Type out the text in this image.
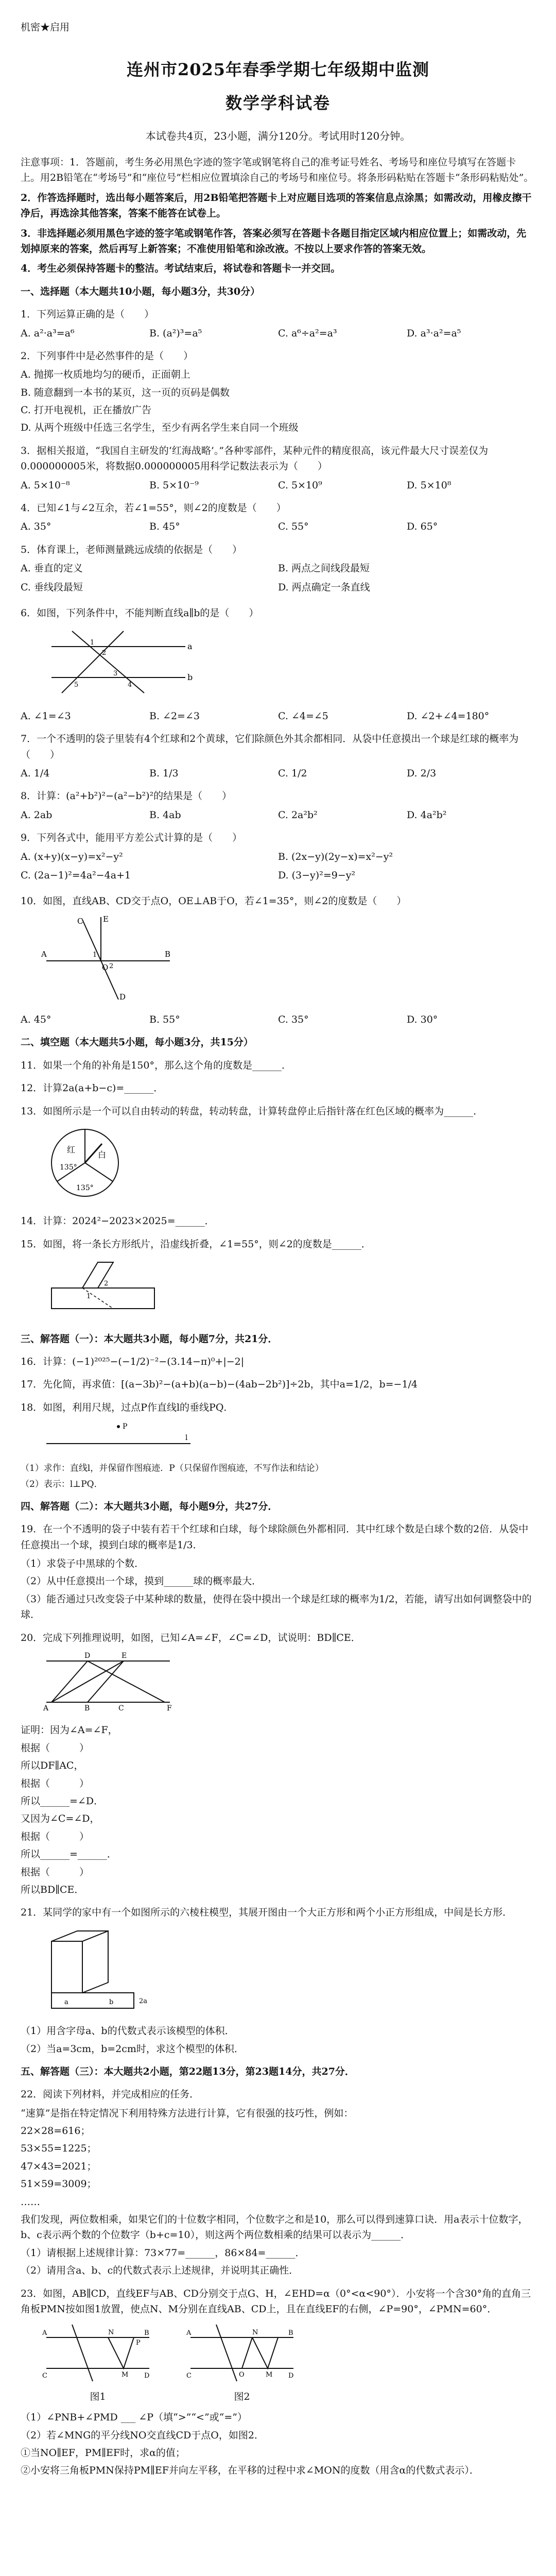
机密★启用
连州市2025年春季学期七年级期中监测
数学学科试卷
本试卷共4页，23小题，满分120分。考试用时120分钟。

注意事项：1．答题前，考生务必用黑色字迹的签字笔或钢笔将自己的准考证号姓名、考场号和座位号填写在答题卡上。用2B铅笔在“考场号”和“座位号”栏相应位置填涂自己的考场号和座位号。将条形码粘贴在答题卡“条形码粘贴处”。

2．作答选择题时，选出每小题答案后，用2B铅笔把答题卡上对应题目选项的答案信息点涂黑；如需改动，用橡皮擦干净后，再选涂其他答案，答案不能答在试卷上。

3．非选择题必须用黑色字迹的签字笔或钢笔作答，答案必须写在答题卡各题目指定区域内相应位置上；如需改动，先划掉原来的答案，然后再写上新答案；不准使用铅笔和涂改液。不按以上要求作答的答案无效。

4．考生必须保持答题卡的整洁。考试结束后，将试卷和答题卡一并交回。

一、选择题（本大题共10小题，每小题3分，共30分）
1．下列运算正确的是（　　）
A. a²·a³=a⁶	B. (a²)³=a⁵	C. a⁶÷a²=a³	D. a³·a²=a⁵
2．下列事件中是必然事件的是（　　）
A. 抛掷一枚质地均匀的硬币，正面朝上
B. 随意翻到一本书的某页，这一页的页码是偶数
C. 打开电视机，正在播放广告
D. 从两个班级中任选三名学生，至少有两名学生来自同一个班级
3．据相关报道，“我国自主研发的‘红海战略’。”各种零部件，某种元件的精度很高，该元件最大尺寸误差仅为0.000000005米，将数据0.000000005用科学记数法表示为（　　）
A. 5×10⁻⁸	B. 5×10⁻⁹	C. 5×10⁹	D. 5×10⁸
4．已知∠1与∠2互余，若∠1=55°，则∠2的度数是（　　）
A. 35°	B. 45°	C. 55°	D. 65°
5．体育课上，老师测量跳远成绩的依据是（　　）
A. 垂直的定义	B. 两点之间线段最短
C. 垂线段最短	D. 两点确定一条直线
6．如图，下列条件中，不能判断直线a∥b的是（　　）
a
b
1
2
3
4
5
A. ∠1=∠3	B. ∠2=∠3	C. ∠4=∠5	D. ∠2+∠4=180°
7．一个不透明的袋子里装有4个红球和2个黄球，它们除颜色外其余都相同．从袋中任意摸出一个球是红球的概率为（　　）
A. 1/4	B. 1/3	C. 1/2	D. 2/3
8．计算：(a²+b²)²−(a²−b²)²的结果是（　　）
A. 2ab	B. 4ab	C. 2a²b²	D. 4a²b²
9．下列各式中，能用平方差公式计算的是（　　）
A. (x+y)(x−y)=x²−y²	B. (2x−y)(2y−x)=x²−y²
C. (2a−1)²=4a²−4a+1	D. (3−y)²=9−y²
10．如图，直线AB、CD交于点O，OE⊥AB于O，若∠1=35°，则∠2的度数是（　　）
A	B
C
D
E
O
1
2
A. 45°	B. 55°	C. 35°	D. 30°
二、填空题（本大题共5小题，每小题3分，共15分）
11．如果一个角的补角是150°，那么这个角的度数是______．
12．计算2a(a+b−c)=______．
13．如图所示是一个可以自由转动的转盘，转动转盘，计算转盘停止后指针落在红色区域的概率为______．
红
白
135°
135°
14．计算：2024²−2023×2025=______．
15．如图，将一条长方形纸片，沿虚线折叠，∠1=55°，则∠2的度数是______．
1
2
三、解答题（一）：本大题共3小题，每小题7分，共21分．
16．计算：(−1)²⁰²⁵−(−1/2)⁻²−(3.14−π)⁰+|−2|
17．先化简，再求值：[(a−3b)²−(a+b)(a−b)−(4ab−2b²)]÷2b，其中a=1/2，b=−1/4
18．如图，利用尺规，过点P作直线l的垂线PQ．
P
l
（1）求作：直线l，并保留作图痕迹．P（只保留作图痕迹，不写作法和结论）
（2）表示：l⊥PQ．
四、解答题（二）：本大题共3小题，每小题9分，共27分．
19．在一个不透明的袋子中装有若干个红球和白球，每个球除颜色外都相同．其中红球个数是白球个数的2倍．从袋中任意摸出一个球，摸到白球的概率是1/3．
（1）求袋子中黑球的个数．
（2）从中任意摸出一个球，摸到______球的概率最大．
（3）能否通过只改变袋子中某种球的数量，使得在袋中摸出一个球是红球的概率为1/2，若能，请写出如何调整袋中的球．
20．完成下列推理说明，如图，已知∠A=∠F，∠C=∠D，试说明：BD∥CE．
A
D	E
B	C	F
证明：因为∠A=∠F，
根据（　　　）
所以DF∥AC，
根据（　　　）
所以______=∠D．
又因为∠C=∠D，
根据（　　　）
所以______=______．
根据（　　　）
所以BD∥CE．
21．某同学的家中有一个如图所示的六棱柱模型，其展开图由一个大正方形和两个小正方形组成，中间是长方形．
a	b	2a
（1）用含字母a、b的代数式表示该模型的体积．
（2）当a=3cm，b=2cm时，求这个模型的体积．
五、解答题（三）：本大题共2小题，第22题13分，第23题14分，共27分．
22．阅读下列材料，并完成相应的任务．
“速算”是指在特定情况下利用特殊方法进行计算，它有很强的技巧性，例如：
22×28=616；
53×55=1225；
47×43=2021；
51×59=3009；
……
我们发现，两位数相乘，如果它们的十位数字相同，个位数字之和是10，那么可以得到速算口诀．用a表示十位数字，b、c表示两个数的个位数字（b+c=10），则这两个两位数相乘的结果可以表示为______．
（1）请根据上述规律计算：73×77=______，86×84=______．
（2）请用含a、b、c的代数式表示上述规律，并说明其正确性．
23．如图，AB∥CD，直线EF与AB、CD分别交于点G、H，∠EHD=α（0°<α<90°）．小安将一个含30°角的直角三角板PMN按如图1放置，使点N、M分别在直线AB、CD上，且在直线EF的右侧，∠P=90°，∠PMN=60°．
A	B
C	D
N
P
M
图1
A	B
C	D
O
N
M
图2
（1）∠PNB+∠PMD ___ ∠P（填“>”“<”或“=”）
（2）若∠MNG的平分线NO交直线CD于点O，如图2．
①当NO∥EF，PM∥EF时，求α的值；
②小安将三角板PMN保持PM∥EF并向左平移，在平移的过程中求∠MON的度数（用含α的代数式表示）．
